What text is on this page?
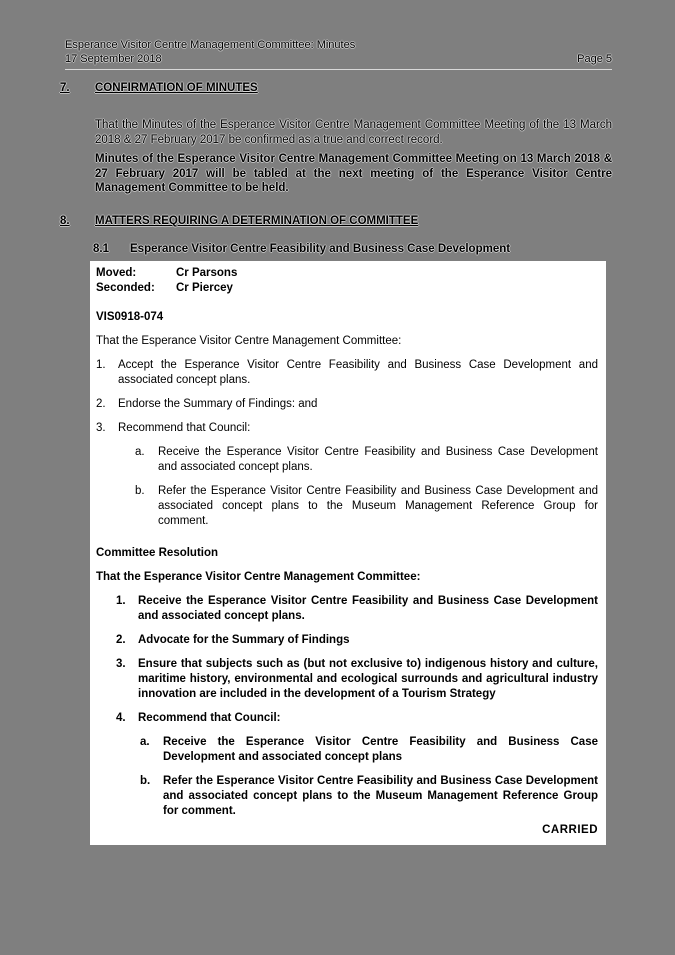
Esperance Visitor Centre Management Committee: Minutes
17 September 2018	Page 5
7. CONFIRMATION OF MINUTES

That the Minutes of the Esperance Visitor Centre Management Committee Meeting of the 13 March 2018 & 27 February 2017 be confirmed as a true and correct record.

Minutes of the Esperance Visitor Centre Management Committee Meeting on 13 March 2018 & 27 February 2017 will be tabled at the next meeting of the Esperance Visitor Centre Management Committee to be held.

8. MATTERS REQUIRING A DETERMINATION OF COMMITTEE
8.1 Esperance Visitor Centre Feasibility and Business Case Development
Moved:	Cr Parsons
Seconded:	Cr Piercey
VIS0918-074
That the Esperance Visitor Centre Management Committee:
1.	Accept the Esperance Visitor Centre Feasibility and Business Case Development and associated concept plans.
2.	Endorse the Summary of Findings: and
3.	Recommend that Council:
a.	Receive the Esperance Visitor Centre Feasibility and Business Case Development and associated concept plans.
b.	Refer the Esperance Visitor Centre Feasibility and Business Case Development and associated concept plans to the Museum Management Reference Group for comment.
Committee Resolution
That the Esperance Visitor Centre Management Committee:
1.	Receive the Esperance Visitor Centre Feasibility and Business Case Development and associated concept plans.
2.	Advocate for the Summary of Findings
3.	Ensure that subjects such as (but not exclusive to) indigenous history and culture, maritime history, environmental and ecological surrounds and agricultural industry innovation are included in the development of a Tourism Strategy
4.	Recommend that Council:
a.	Receive the Esperance Visitor Centre Feasibility and Business Case Development and associated concept plans
b.	Refer the Esperance Visitor Centre Feasibility and Business Case Development and associated concept plans to the Museum Management Reference Group for comment.
CARRIED
